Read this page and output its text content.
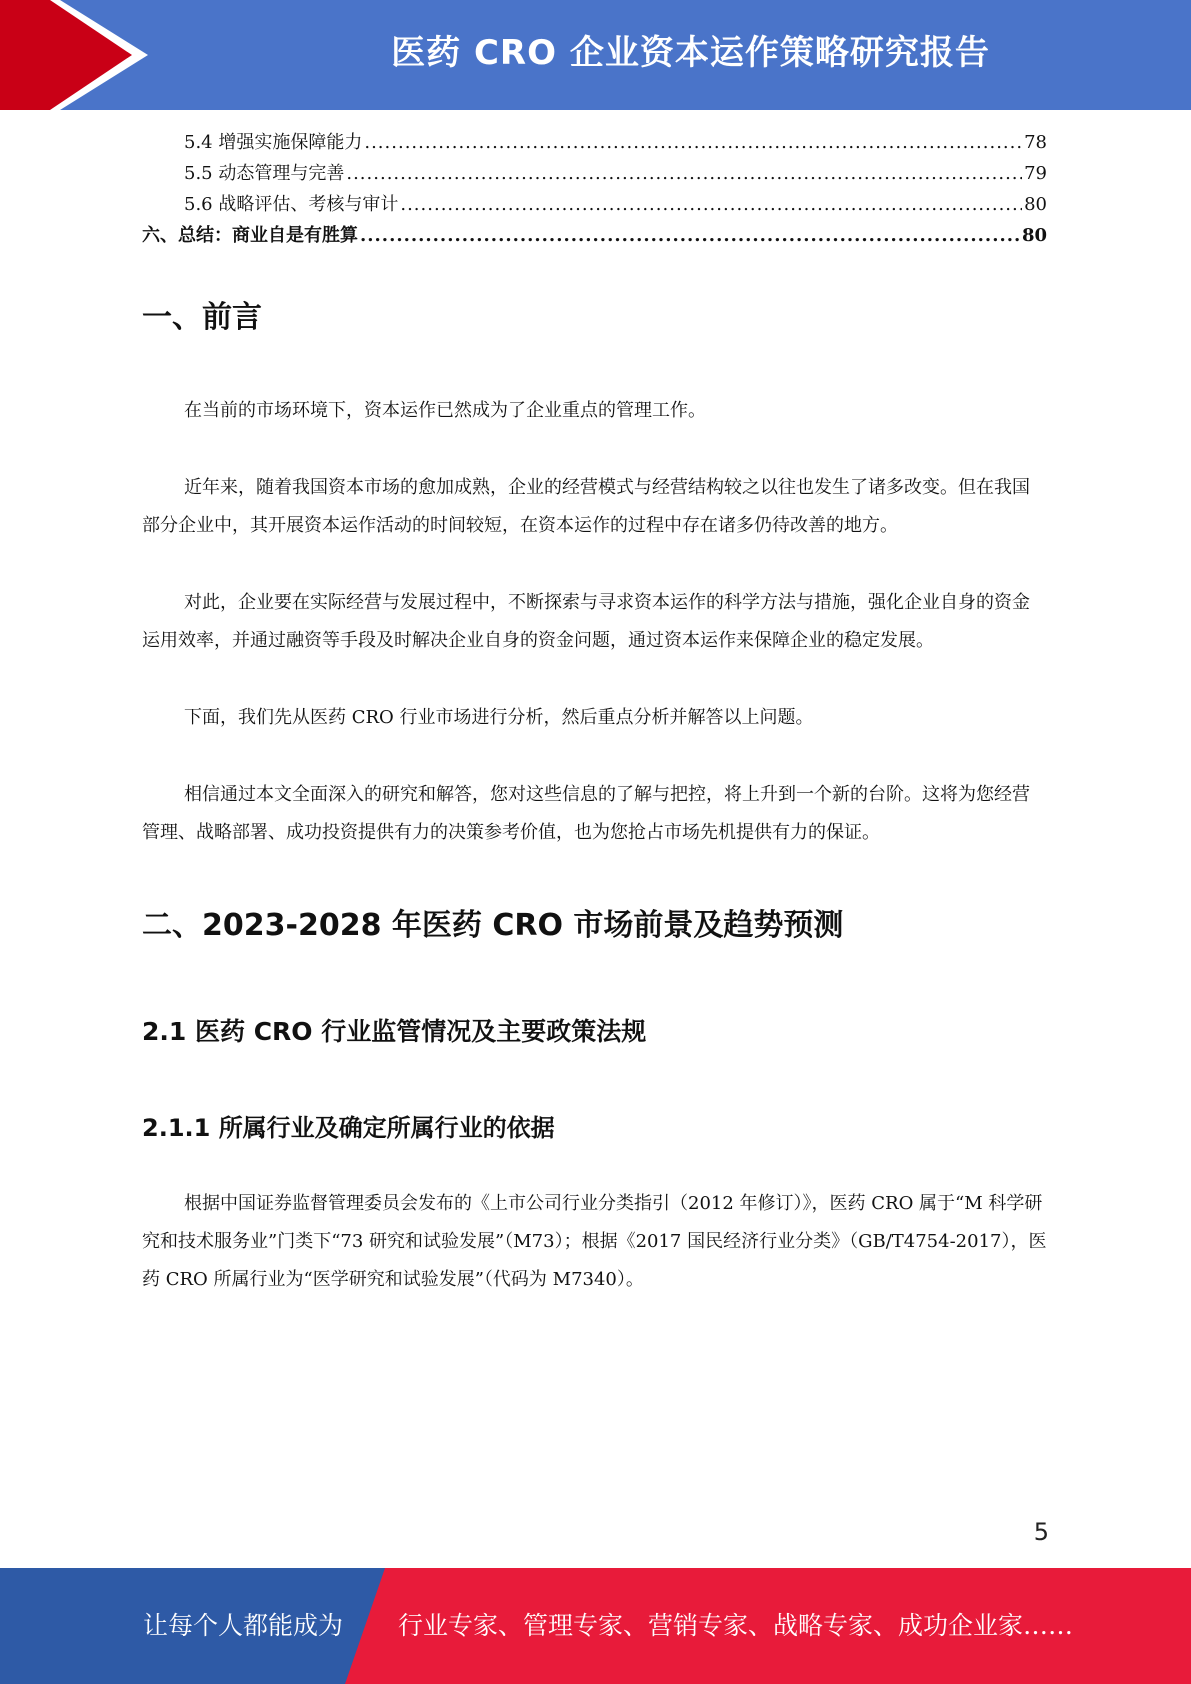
医药 CRO 企业资本运作策略研究报告
5.4 增强实施保障能力 .....	78
5.5 动态管理与完善 .....	79
5.6 战略评估、考核与审计 .....	80
六、总结：商业自是有胜算 .....	80
一、前言

在当前的市场环境下，资本运作已然成为了企业重点的管理工作。

近年来，随着我国资本市场的愈加成熟，企业的经营模式与经营结构较之以往也发生了诸多改变。但在我国部分企业中，其开展资本运作活动的时间较短，在资本运作的过程中存在诸多仍待改善的地方。

对此，企业要在实际经营与发展过程中，不断探索与寻求资本运作的科学方法与措施，强化企业自身的资金运用效率，并通过融资等手段及时解决企业自身的资金问题，通过资本运作来保障企业的稳定发展。

下面，我们先从医药 CRO 行业市场进行分析，然后重点分析并解答以上问题。

相信通过本文全面深入的研究和解答，您对这些信息的了解与把控，将上升到一个新的台阶。这将为您经营管理、战略部署、成功投资提供有力的决策参考价值，也为您抢占市场先机提供有力的保证。

二、2023-2028 年医药 CRO 市场前景及趋势预测
2.1 医药 CRO 行业监管情况及主要政策法规
2.1.1 所属行业及确定所属行业的依据

根据中国证券监督管理委员会发布的《上市公司行业分类指引（2012 年修订）》，医药 CRO 属于“M 科学研究和技术服务业”门类下“73 研究和试验发展”（M73）；根据《2017 国民经济行业分类》（GB/T4754-2017），医药 CRO 所属行业为“医学研究和试验发展”（代码为 M7340）。

5
让每个人都能成为 行业专家、管理专家、营销专家、战略专家、成功企业家……
